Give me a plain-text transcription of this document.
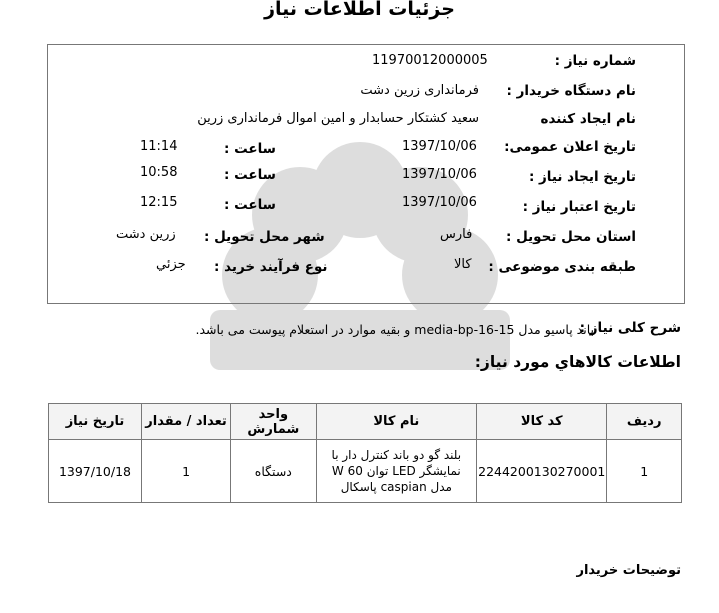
جزئیات اطلاعات نیاز
شماره نیاز :
1197001200000​5
نام دستگاه خریدار :
فرمانداری زرین دشت
نام ایجاد کننده
سعید کشتکار حسابدار و امین اموال فرمانداری زرین
تاریخ اعلان عمومی:
1397/10/06
ساعت :
11:14
تاریخ ایجاد نیاز :
1397/10/06
ساعت :
10:58
تاریخ اعتبار نیاز :
1397/10/06
ساعت :
12:15
استان محل تحویل :
فارس
شهر محل تحویل :
زرین دشت
طبقه بندی موضوعی :
کالا
نوع فرآیند خرید :
جزئي
شرح کلی نیاز :
باند پاسیو مدل media-bp-16-15 و بقیه موارد در استعلام پیوست می باشد.
اطلاعات کالاهاي مورد نیاز:
ردیف	کد کالا	نام کالا	واحد شمارش	تعداد / مقدار	تاریخ نیاز
1	2244200130270001	بلند گو دو باند کنترل دار با نمایشگر LED توان 60 W مدل caspian پاسکال	دستگاه	1	1397/10/18
توضیحات خریدار
